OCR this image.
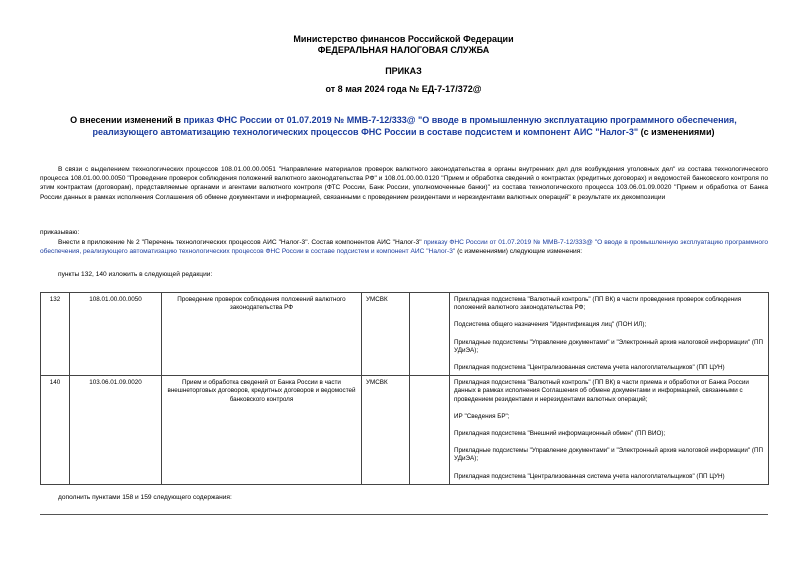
Министерство финансов Российской Федерации
ФЕДЕРАЛЬНАЯ НАЛОГОВАЯ СЛУЖБА
ПРИКАЗ
от 8 мая 2024 года № ЕД-7-17/372@
О внесении изменений в приказ ФНС России от 01.07.2019 № ММВ-7-12/333@ "О вводе в промышленную эксплуатацию программного обеспечения, реализующего автоматизацию технологических процессов ФНС России в составе подсистем и компонент АИС "Налог-3" (с изменениями)
В связи с выделением технологических процессов 108.01.00.00.0051 "Направление материалов проверок валютного законодательства в органы внутренних дел для возбуждения уголовных дел" из состава технологического процесса 108.01.00.00.0050 "Проведение проверок соблюдения положений валютного законодательства РФ" и 108.01.00.00.0120 "Прием и обработка сведений о контрактах (кредитных договорах) и ведомостей банковского контроля по этим контрактам (договорам), представляемые органами и агентами валютного контроля (ФТС России, Банк России, уполномоченные банки)" из состава технологического процесса 103.06.01.09.0020 "Прием и обработка от Банка России данных в рамках исполнения Соглашения об обмене документами и информацией, связанными с проведением резидентами и нерезидентами валютных операций" в результате их декомпозиции
приказываю:
Внести в приложение № 2 "Перечень технологических процессов АИС "Налог-3". Состав компонентов АИС "Налог-3" приказу ФНС России от 01.07.2019 № ММВ-7-12/333@ "О вводе в промышленную эксплуатацию программного обеспечения, реализующего автоматизацию технологических процессов ФНС России в составе подсистем и компонент АИС "Налог-3" (с изменениями) следующие изменения:
пункты 132, 140 изложить в следующей редакции:
132	108.01.00.00.0050	Проведение проверок соблюдения положений валютного законодательства РФ	УМСВК		Прикладная подсистема "Валютный контроль" (ПП ВК) в части проведения проверок соблюдения положений валютного законодательства РФ;

Подсистема общего назначения "Идентификация лиц" (ПОН ИЛ);

Прикладные подсистемы "Управление документами" и "Электронный архив налоговой информации" (ПП УДиЭА);

Прикладная подсистема "Централизованная система учета налогоплательщиков" (ПП ЦУН)

140	103.06.01.09.0020	Прием и обработка сведений от Банка России в части внешнеторговых договоров, кредитных договоров и ведомостей банковского контроля	УМСВК		Прикладная подсистема "Валютный контроль" (ПП ВК) в части приема и обработки от Банка России данных в рамках исполнения Соглашения об обмене документами и информацией, связанными с проведением резидентами и нерезидентами валютных операций;

ИР "Сведения БР";

Прикладная подсистема "Внешний информационный обмен" (ПП ВИО);

Прикладные подсистемы "Управление документами" и "Электронный архив налоговой информации" (ПП УДиЭА);

Прикладная подсистема "Централизованная система учета налогоплательщиков" (ПП ЦУН)

дополнить пунктами 158 и 159 следующего содержания:
